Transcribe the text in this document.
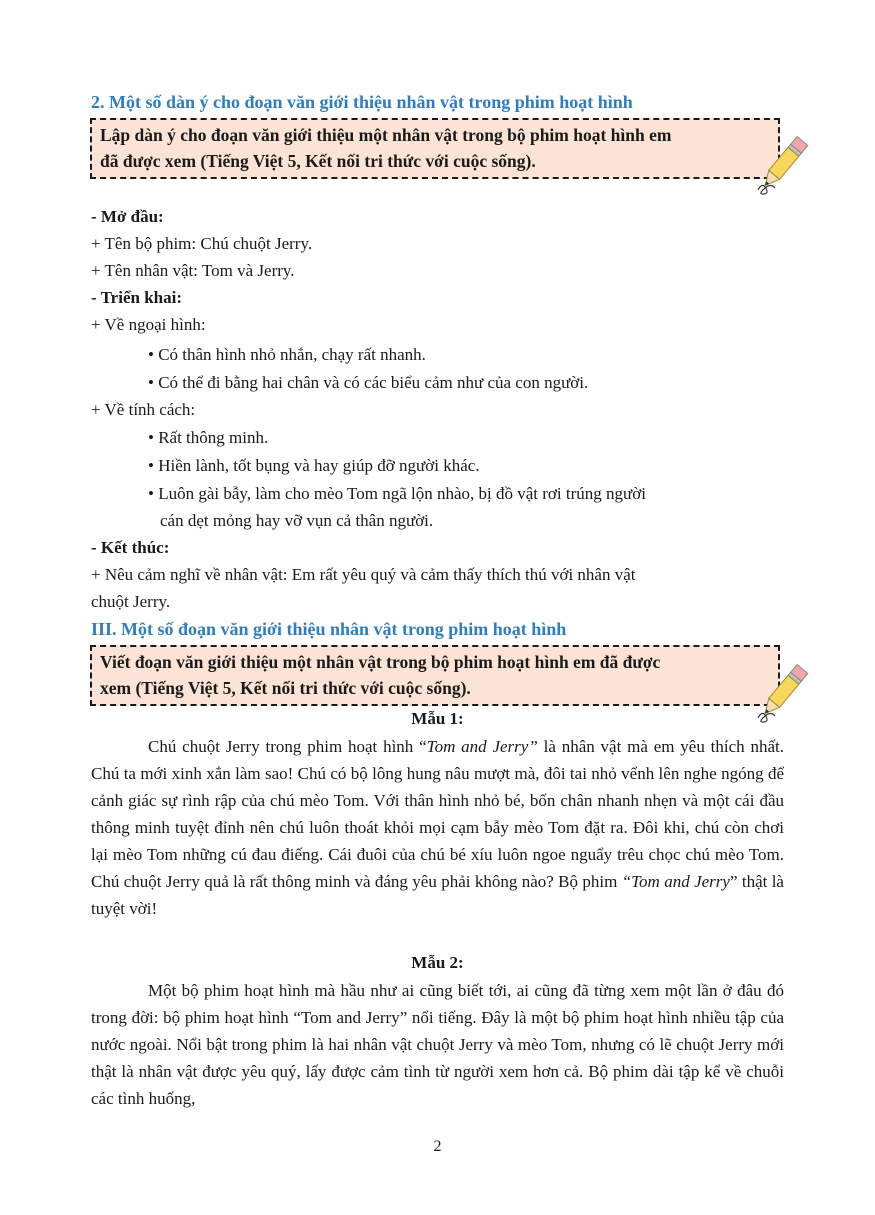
2. Một số dàn ý cho đoạn văn giới thiệu nhân vật trong phim hoạt hình
Lập dàn ý cho đoạn văn giới thiệu một nhân vật trong bộ phim hoạt hình em
đã được xem (Tiếng Việt 5, Kết nối tri thức với cuộc sống).
- Mở đầu:
+ Tên bộ phim: Chú chuột Jerry.
+ Tên nhân vật: Tom và Jerry.
- Triển khai:
+ Về ngoại hình:
• Có thân hình nhỏ nhắn, chạy rất nhanh.
• Có thể đi bằng hai chân và có các biểu cảm như của con người.
+ Về tính cách:
• Rất thông minh.
• Hiền lành, tốt bụng và hay giúp đỡ người khác.
• Luôn gài bẫy, làm cho mèo Tom ngã lộn nhào, bị đồ vật rơi trúng người
cán dẹt mỏng hay vỡ vụn cả thân người.
- Kết thúc:
+ Nêu cảm nghĩ về nhân vật: Em rất yêu quý và cảm thấy thích thú với nhân vật
chuột Jerry.
III. Một số đoạn văn giới thiệu nhân vật trong phim hoạt hình
Viết đoạn văn giới thiệu một nhân vật trong bộ phim hoạt hình em đã được
xem (Tiếng Việt 5, Kết nối tri thức với cuộc sống).
Mẫu 1:

Chú chuột Jerry trong phim hoạt hình “Tom and Jerry” là nhân vật mà em yêu thích nhất. Chú ta mới xinh xắn làm sao! Chú có bộ lông hung nâu mượt mà, đôi tai nhỏ vểnh lên nghe ngóng để cảnh giác sự rình rập của chú mèo Tom. Với thân hình nhỏ bé, bốn chân nhanh nhẹn và một cái đầu thông minh tuyệt đỉnh nên chú luôn thoát khỏi mọi cạm bẫy mèo Tom đặt ra. Đôi khi, chú còn chơi lại mèo Tom những cú đau điếng. Cái đuôi của chú bé xíu luôn ngoe nguẩy trêu chọc chú mèo Tom. Chú chuột Jerry quả là rất thông minh và đáng yêu phải không nào? Bộ phim “Tom and Jerry” thật là tuyệt vời!

Mẫu 2:

Một bộ phim hoạt hình mà hầu như ai cũng biết tới, ai cũng đã từng xem một lần ở đâu đó trong đời: bộ phim hoạt hình “Tom and Jerry” nổi tiếng. Đây là một bộ phim hoạt hình nhiều tập của nước ngoài. Nổi bật trong phim là hai nhân vật chuột Jerry và mèo Tom, nhưng có lẽ chuột Jerry mới thật là nhân vật được yêu quý, lấy được cảm tình từ người xem hơn cả. Bộ phim dài tập kể về chuỗi các tình huống,

2
